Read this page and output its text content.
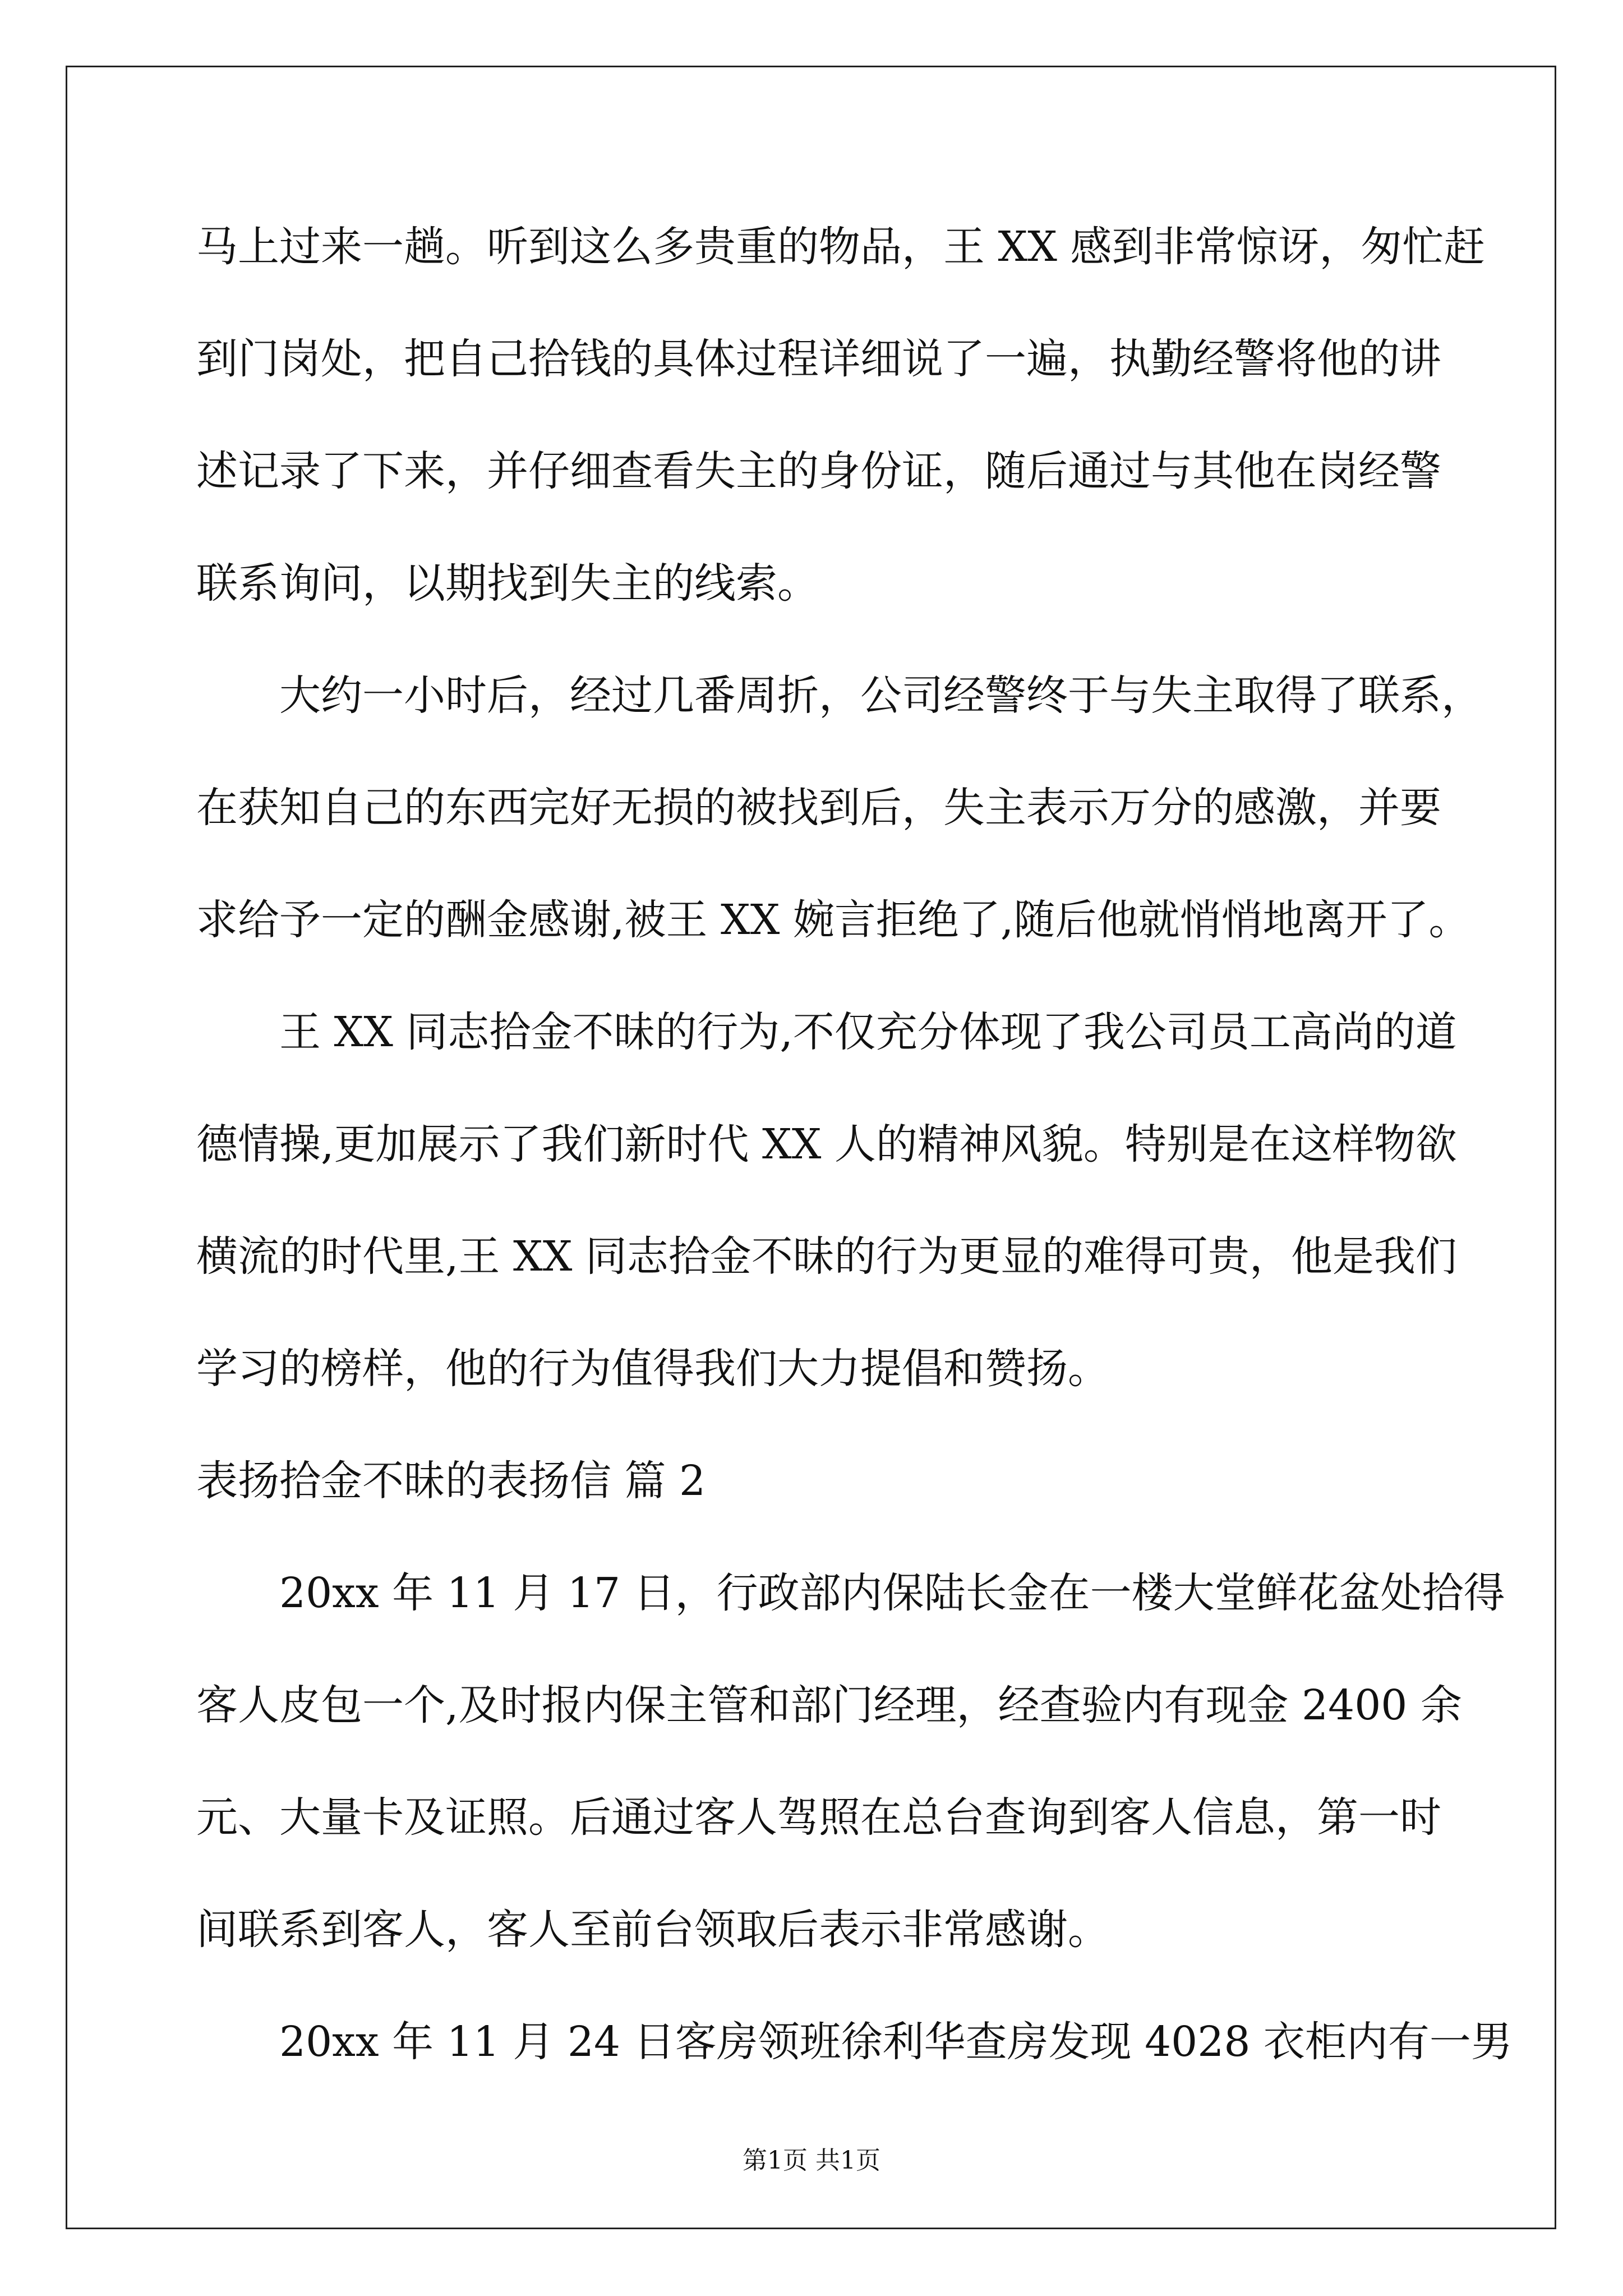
马上过来一趟。听到这么多贵重的物品，王 XX 感到非常惊讶，匆忙赶
到门岗处，把自己拾钱的具体过程详细说了一遍，执勤经警将他的讲
述记录了下来，并仔细查看失主的身份证，随后通过与其他在岗经警
联系询问，以期找到失主的线索。
大约一小时后，经过几番周折，公司经警终于与失主取得了联系，
在获知自己的东西完好无损的被找到后，失主表示万分的感激，并要
求给予一定的酬金感谢,被王 XX 婉言拒绝了,随后他就悄悄地离开了。
王 XX 同志拾金不昧的行为,不仅充分体现了我公司员工高尚的道
德情操,更加展示了我们新时代 XX 人的精神风貌。特别是在这样物欲
横流的时代里,王 XX 同志拾金不昧的行为更显的难得可贵，他是我们
学习的榜样，他的行为值得我们大力提倡和赞扬。
表扬拾金不昧的表扬信 篇 2
20xx 年 11 月 17 日，行政部内保陆长金在一楼大堂鲜花盆处拾得
客人皮包一个,及时报内保主管和部门经理，经查验内有现金 2400 余
元、大量卡及证照。后通过客人驾照在总台查询到客人信息，第一时
间联系到客人，客人至前台领取后表示非常感谢。
20xx 年 11 月 24 日客房领班徐利华查房发现 4028 衣柜内有一男
第1页 共1页
